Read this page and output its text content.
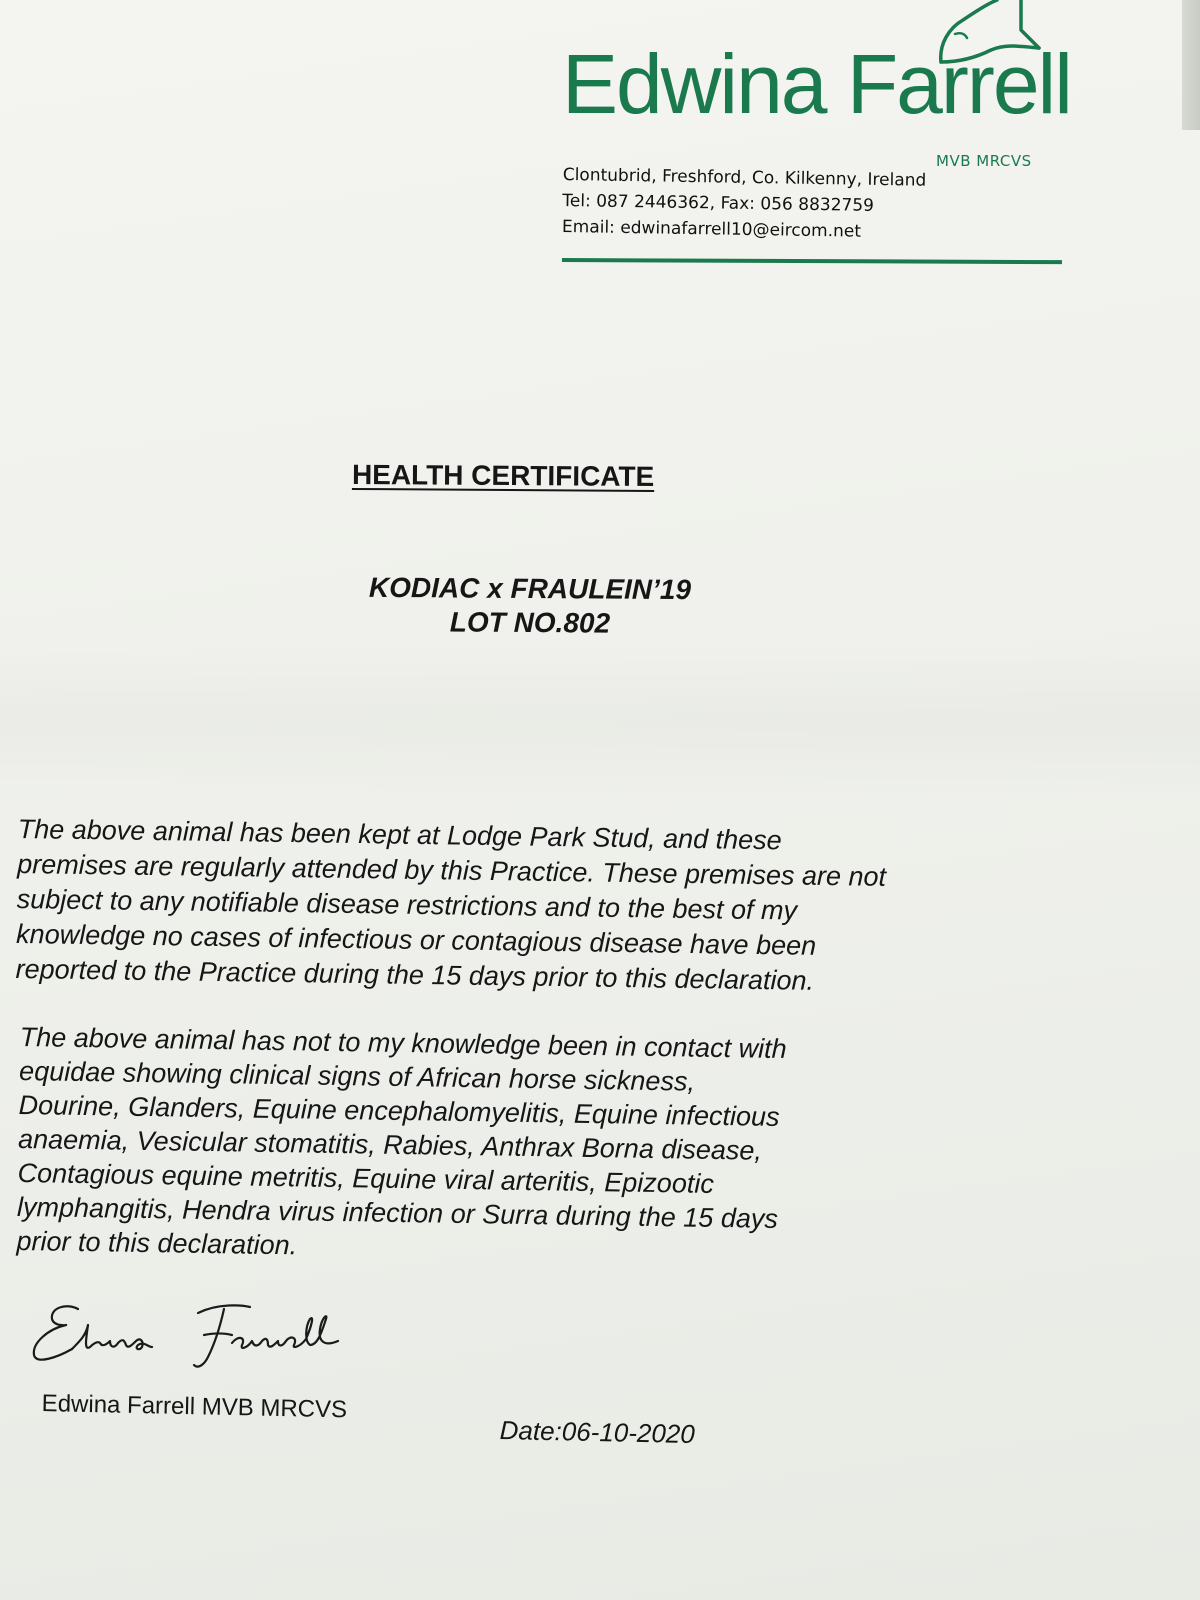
Edwina Farrell
MVB MRCVS
Clontubrid, Freshford, Co. Kilkenny, Ireland
Tel: 087 2446362, Fax: 056 8832759
Email: edwinafarrell10@eircom.net
HEALTH CERTIFICATE
KODIAC x FRAULEIN’19
LOT NO.802
The above animal has been kept at Lodge Park Stud, and these
premises are regularly attended by this Practice. These premises are not
subject to any notifiable disease restrictions and to the best of my
knowledge no cases of infectious or contagious disease have been
reported to the Practice during the 15 days prior to this declaration.
The above animal has not to my knowledge been in contact with
equidae showing clinical signs of African horse sickness,
Dourine, Glanders, Equine encephalomyelitis, Equine infectious
anaemia, Vesicular stomatitis, Rabies, Anthrax Borna disease,
Contagious equine metritis, Equine viral arteritis, Epizootic
lymphangitis, Hendra virus infection or Surra during the 15 days
prior to this declaration.
Edwina Farrell MVB MRCVS
Date:06-10-2020
